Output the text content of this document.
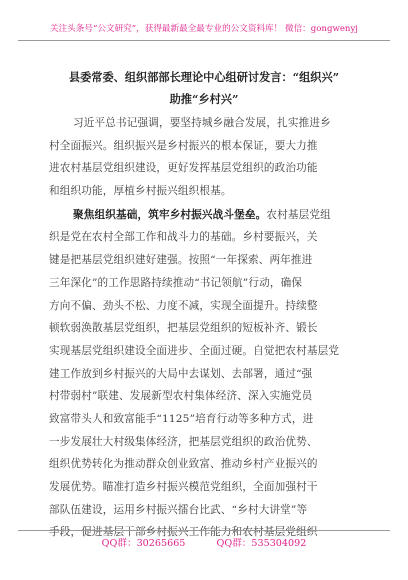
关注头条号“公文研究”，获得最新最全最专业的公文资料库！ 微信：gongwenyj
县委常委、组织部部长理论中心组研讨发言：“组织兴”
助推“乡村兴”
习近平总书记强调，要坚持城乡融合发展，扎实推进乡
村全面振兴。组织振兴是乡村振兴的根本保证，要大力推
进农村基层党组织建设，更好发挥基层党组织的政治功能
和组织功能，厚植乡村振兴组织根基。
聚焦组织基础，筑牢乡村振兴战斗堡垒。农村基层党组
织是党在农村全部工作和战斗力的基础。乡村要振兴，关
键是把基层党组织建好建强。按照“一年探索、两年推进
三年深化”的工作思路持续推动“书记领航”行动，确保
方向不偏、劲头不松、力度不减，实现全面提升。持续整
顿软弱涣散基层党组织，把基层党组织的短板补齐、锻长
实现基层党组织建设全面进步、全面过硬。自觉把农村基层党
建工作放到乡村振兴的大局中去谋划、去部署，通过“强
村带弱村”联建、发展新型农村集体经济、深入实施党员
致富带头人和致富能手“1125”培育行动等多种方式，进
一步发展壮大村级集体经济，把基层党组织的政治优势、
组织优势转化为推动群众创业致富、推动乡村产业振兴的
发展优势。瞄准打造乡村振兴模范党组织，全面加强村干
部队伍建设，运用乡村振兴擂台比武、“乡村大讲堂”等
手段，促进基层干部乡村振兴工作能力和农村基层党组织
QQ群：30265665	QQ群：535304092
